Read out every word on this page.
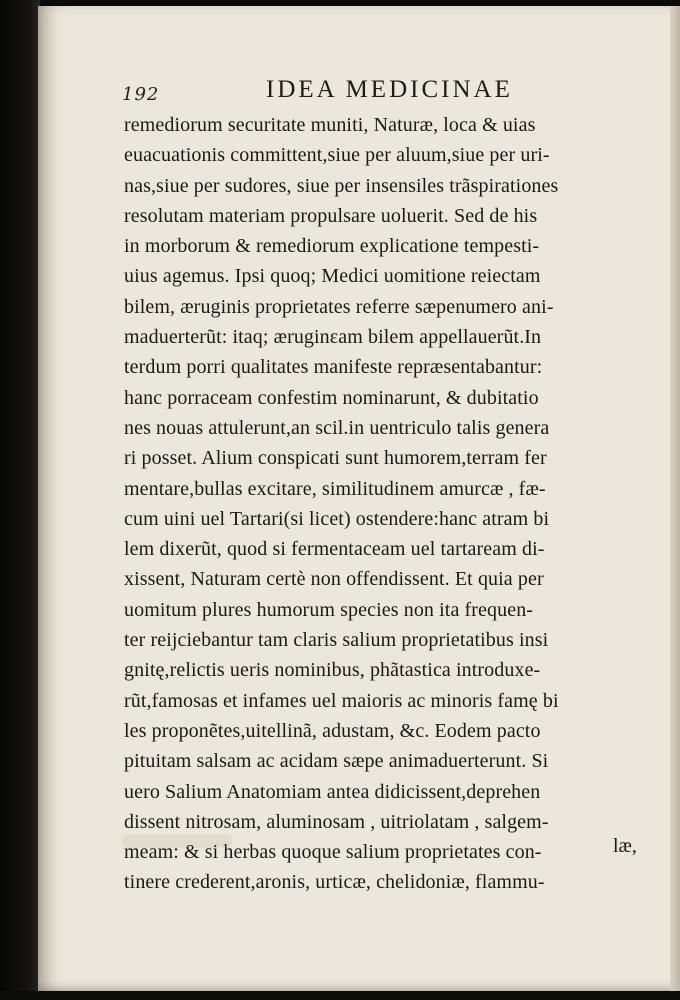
192	IDEA MEDICINAE
remediorum securitate muniti, Naturæ, loca & uias
euacuationis committent,siue per aluum,siue per uri-
nas,siue per sudores, siue per insensiles trãspirationes
resolutam materiam propulsare uoluerit. Sed de his
in morborum & remediorum explicatione tempesti-
uius agemus. Ipsi quoq; Medici uomitione reiectam
bilem, æruginis proprietates referre sæpenumero ani-
maduerterũt: itaq; æruginεam bilem appellauerũt.In
terdum porri qualitates manifeste repræsentabantur:
hanc porraceam confestim nominarunt, & dubitatio
nes nouas attulerunt,an scil.in uentriculo talis genera
ri posset. Alium conspicati sunt humorem,terram fer
mentare,bullas excitare, similitudinem amurcæ , fæ-
cum uini uel Tartari(si licet) ostendere:hanc atram bi
lem dixerũt, quod si fermentaceam uel tartaream di-
xissent, Naturam certè non offendissent. Et quia per
uomitum plures humorum species non ita frequen-
ter reijciebantur tam claris salium proprietatibus insi
gnitę,relictis ueris nominibus, phãtastica introduxe-
rũt,famosas et infames uel maioris ac minoris famę bi
les proponẽtes,uitellinã, adustam, &c. Eodem pacto
pituitam salsam ac acidam sæpe animaduerterunt. Si
uero Salium Anatomiam antea didicissent,deprehen
dissent nitrosam, aluminosam , uitriolatam , salgem-
meam: & si herbas quoque salium proprietates con-
tinere crederent,aronis, urticæ, chelidoniæ, flammu-
læ,
